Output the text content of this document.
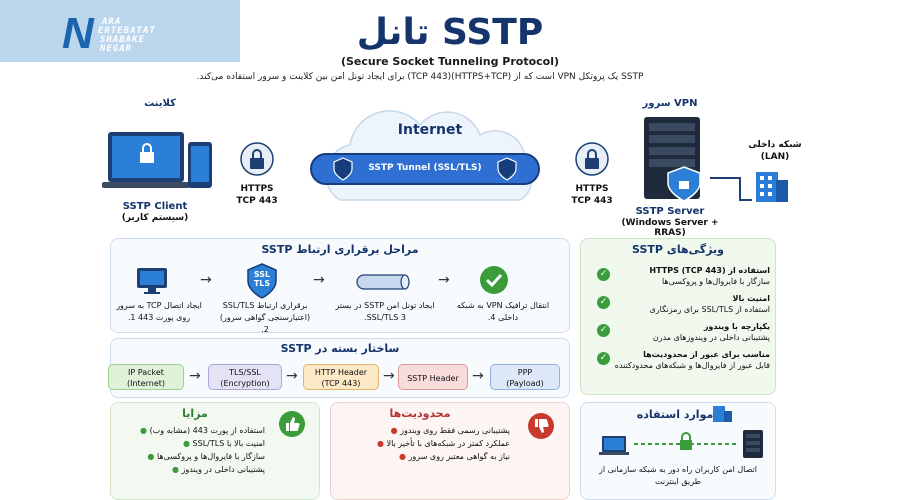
N ARA
ERTEBATAT
SHABAKE
NEGAR	تانل SSTP
(Secure Socket Tunneling Protocol)
SSTP یک پروتکل VPN است که از (HTTPS+TCP)(TCP 443) برای ایجاد تونل امن بین کلاینت و سرور استفاده می‌کند.
کلاینت
SSTP Client
(سیستم کاربر)
HTTPS
TCP 443
Internet
SSTP Tunnel (SSL/TLS)
HTTPS
TCP 443
سرور VPN
SSTP Server
(Windows Server + RRAS)
شبکه داخلی
(LAN)
مراحل برقراری ارتباط SSTP
→	SSL
TLS	→	→
ایجاد اتصال TCP به سرور روی پورت 443 1.
برقراری ارتباط SSL/TLS (اعتبارسنجی گواهی سرور) 2.
ایجاد تونل امن SSTP در بستر SSL/TLS 3.
انتقال ترافیک VPN به شبکه داخلی 4.
ویژگی‌های SSTP
✓	استفاده از HTTPS (TCP 443)
سازگار با فایروال‌ها و پروکسی‌ها
✓	امنیت بالا
استفاده از SSL/TLS برای رمزنگاری
✓	یکپارچه با ویندوز
پشتیبانی داخلی در ویندوزهای مدرن
✓	مناسب برای عبور از محدودیت‌ها
قابل عبور از فایروال‌ها و شبکه‌های محدودکننده
ساختار بسته در SSTP
IP Packet
(Internet)	→	TLS/SSL
(Encryption)	→	HTTP Header
(TCP 443)	→	SSTP Header →	PPP
(Payload)
مزایا
استفاده از پورت 443 (مشابه وب) ●
امنیت بالا با SSL/TLS ●
سازگار با فایروال‌ها و پروکسی‌ها ●
پشتیبانی داخلی در ویندوز ●
محدودیت‌ها
پشتیبانی رسمی فقط روی ویندوز ●
عملکرد کمتر در شبکه‌های با تأخیر بالا ●
نیاز به گواهی معتبر روی سرور ●
موارد استفاده
اتصال امن کاربران راه دور به شبکه سازمانی از طریق اینترنت
